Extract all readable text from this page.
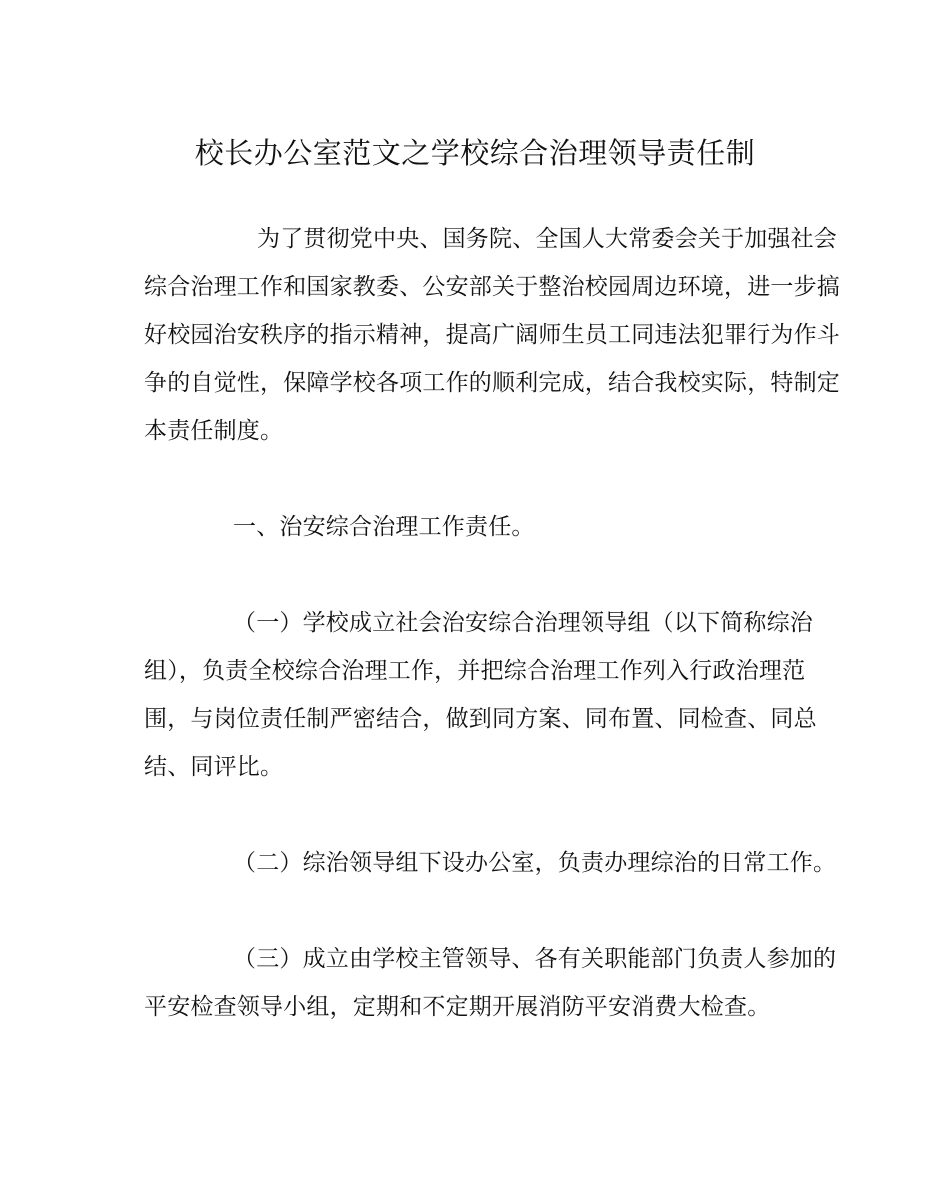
校长办公室范文之学校综合治理领导责任制
为了贯彻党中央、国务院、全国人大常委会关于加强社会
综合治理工作和国家教委、公安部关于整治校园周边环境，进一步搞
好校园治安秩序的指示精神，提高广阔师生员工同违法犯罪行为作斗
争的自觉性，保障学校各项工作的顺利完成，结合我校实际，特制定
本责任制度。
一、治安综合治理工作责任。
（一）学校成立社会治安综合治理领导组（以下简称综治
组），负责全校综合治理工作，并把综合治理工作列入行政治理范
围，与岗位责任制严密结合，做到同方案、同布置、同检查、同总
结、同评比。
（二）综治领导组下设办公室，负责办理综治的日常工作。
（三）成立由学校主管领导、各有关职能部门负责人参加的
平安检查领导小组，定期和不定期开展消防平安消费大检查。
